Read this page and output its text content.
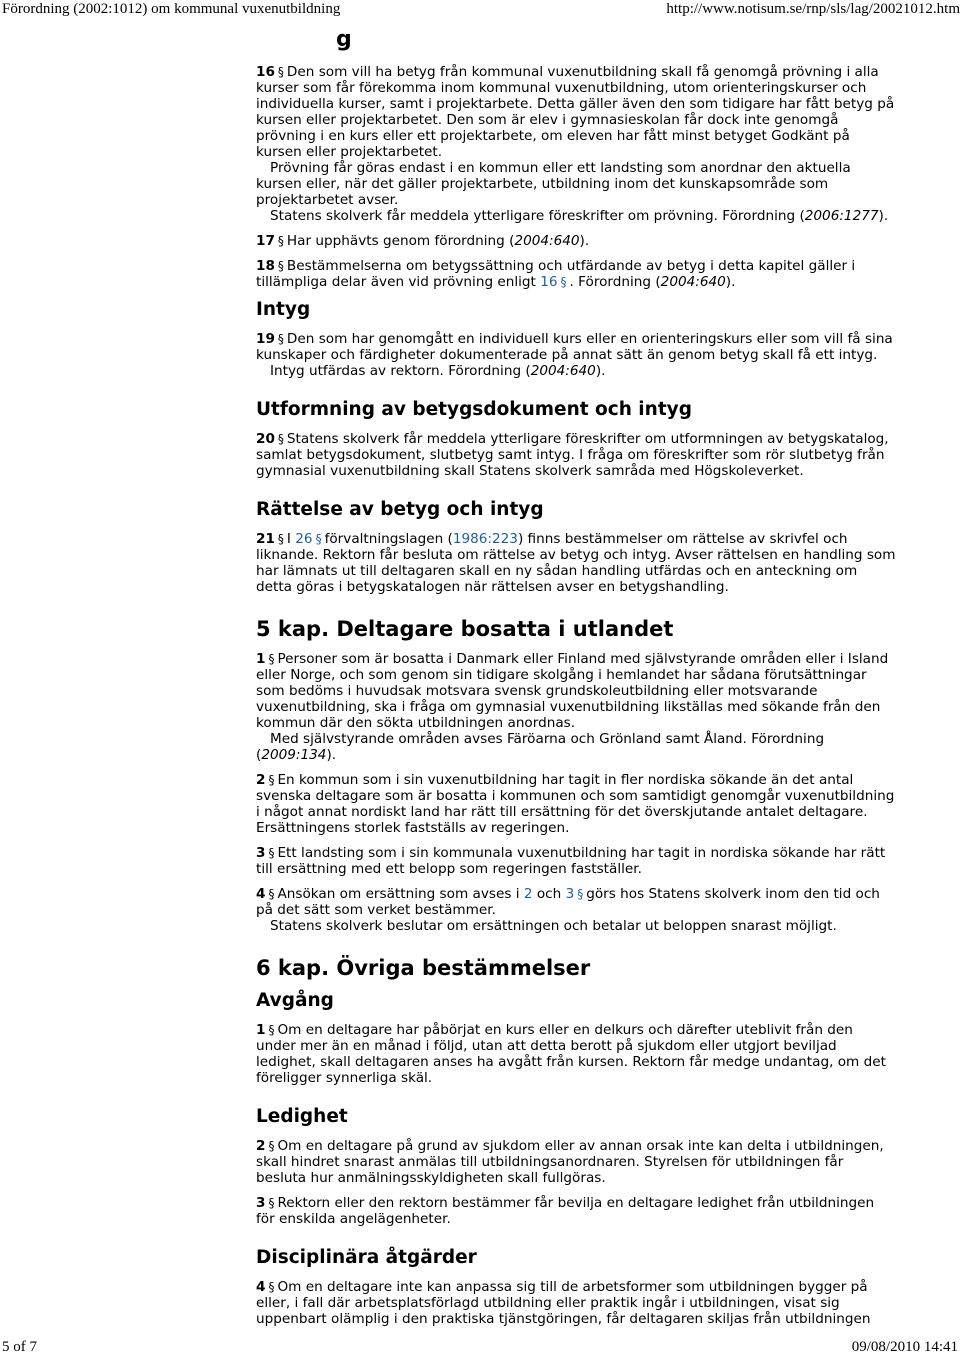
Förordning (2002:1012) om kommunal vuxenutbildning	http://www.notisum.se/rnp/sls/lag/20021012.htm
g

16 § Den som vill ha betyg från kommunal vuxenutbildning skall få genomgå prövning i alla kurser som får förekomma inom kommunal vuxenutbildning, utom orienteringskurser och individuella kurser, samt i projektarbete. Detta gäller även den som tidigare har fått betyg på kursen eller projektarbetet. Den som är elev i gymnasieskolan får dock inte genomgå prövning i en kurs eller ett projektarbete, om eleven har fått minst betyget Godkänt på kursen eller projektarbetet.

Prövning får göras endast i en kommun eller ett landsting som anordnar den aktuella kursen eller, när det gäller projektarbete, utbildning inom det kunskapsområde som projektarbetet avser.

Statens skolverk får meddela ytterligare föreskrifter om prövning. Förordning (2006:1277).

17 § Har upphävts genom förordning (2004:640).

18 § Bestämmelserna om betygssättning och utfärdande av betyg i detta kapitel gäller i tillämpliga delar även vid prövning enligt 16 § . Förordning (2004:640).

Intyg

19 § Den som har genomgått en individuell kurs eller en orienteringskurs eller som vill få sina kunskaper och färdigheter dokumenterade på annat sätt än genom betyg skall få ett intyg.

Intyg utfärdas av rektorn. Förordning (2004:640).

Utformning av betygsdokument och intyg

20 § Statens skolverk får meddela ytterligare föreskrifter om utformningen av betygskatalog, samlat betygsdokument, slutbetyg samt intyg. I fråga om föreskrifter som rör slutbetyg från gymnasial vuxenutbildning skall Statens skolverk samråda med Högskoleverket.

Rättelse av betyg och intyg

21 § I 26 § förvaltningslagen (1986:223) finns bestämmelser om rättelse av skrivfel och liknande. Rektorn får besluta om rättelse av betyg och intyg. Avser rättelsen en handling som har lämnats ut till deltagaren skall en ny sådan handling utfärdas och en anteckning om detta göras i betygskatalogen när rättelsen avser en betygshandling.

5 kap. Deltagare bosatta i utlandet

1 § Personer som är bosatta i Danmark eller Finland med självstyrande områden eller i Island eller Norge, och som genom sin tidigare skolgång i hemlandet har sådana förutsättningar som bedöms i huvudsak motsvara svensk grundskoleutbildning eller motsvarande vuxenutbildning, ska i fråga om gymnasial vuxenutbildning likställas med sökande från den kommun där den sökta utbildningen anordnas.

Med självstyrande områden avses Färöarna och Grönland samt Åland. Förordning (2009:134).

2 § En kommun som i sin vuxenutbildning har tagit in fler nordiska sökande än det antal svenska deltagare som är bosatta i kommunen och som samtidigt genomgår vuxenutbildning i något annat nordiskt land har rätt till ersättning för det överskjutande antalet deltagare. Ersättningens storlek fastställs av regeringen.

3 § Ett landsting som i sin kommunala vuxenutbildning har tagit in nordiska sökande har rätt till ersättning med ett belopp som regeringen fastställer.

4 § Ansökan om ersättning som avses i 2 och 3 § görs hos Statens skolverk inom den tid och på det sätt som verket bestämmer.

Statens skolverk beslutar om ersättningen och betalar ut beloppen snarast möjligt.

6 kap. Övriga bestämmelser
Avgång

1 § Om en deltagare har påbörjat en kurs eller en delkurs och därefter uteblivit från den under mer än en månad i följd, utan att detta berott på sjukdom eller utgjort beviljad ledighet, skall deltagaren anses ha avgått från kursen. Rektorn får medge undantag, om det föreligger synnerliga skäl.

Ledighet

2 § Om en deltagare på grund av sjukdom eller av annan orsak inte kan delta i utbildningen, skall hindret snarast anmälas till utbildningsanordnaren. Styrelsen för utbildningen får besluta hur anmälningsskyldigheten skall fullgöras.

3 § Rektorn eller den rektorn bestämmer får bevilja en deltagare ledighet från utbildningen för enskilda angelägenheter.

Disciplinära åtgärder

4 § Om en deltagare inte kan anpassa sig till de arbetsformer som utbildningen bygger på eller, i fall där arbetsplatsförlagd utbildning eller praktik ingår i utbildningen, visat sig uppenbart olämplig i den praktiska tjänstgöringen, får deltagaren skiljas från utbildningen

5 of 7	09/08/2010 14:41
